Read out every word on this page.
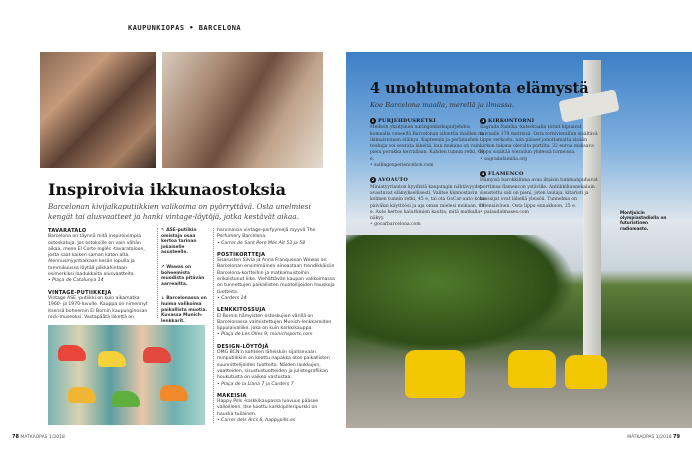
KAUPUNKIOPAS • BARCELONA
Inspiroivia ikkunaostoksia

Barcelonan kivijalkaputiikkien valikoima on pyörryttävä. Osta unelmiesi kengät tai alusvaatteet ja hanki vintage-löytöjä, jotka kestävät aikaa.

TAVARATALO

Barcelona on täynnä mitä inspiroivimpia ostoskatuja. Jos ostoksille on vain vähän aikaa, mene El Corte Inglés -tavarataloon, josta saat kaiken saman katon alta. Alennusmyyntiaikaan kesän lopulla ja tammikuussa löytää pilkkahintaan esimerkiksi laadukkaita alusvaatteita.

• Plaça de Catalunya 14

VINTAGE-PUTIIKKEJA

Vintage ASE -putiikki on kuin aikamatka 1960- ja 1970-luvulle. Kauppa on nimennyt itsensä boheemin El Bornin kaupunginosan rock-museoksi. Vastapäätä liikettä on

↖ ASE-putiikin omistaja osaa kertoa tarinan jokaiselle asusteelle.

↗ Wawas on boheemista muodista pitävän aarreaitta.

↓ Barcelonassa on huima valikoima paikallista muotia. Kuvassa Munich-lenkkarit.

harvinaisia vintage-parfyymejä myyvä The Perfumery Barcelona.

• Carrer de Sant Pere Més Alt 53 ja 58

POSTIKORTTEJA

Sisarusten Silvia ja Anna Franquesan Wawas on Barcelonan ensimmäinen ainoastaan trendikkäisiin Barcelona-kortteihin ja matkamuistoihin erikoistunut liike. Viehättävän kaupan valikoimassa on tunnettujen paikallisten muotoilijoiden hauskoja tuotteita.

• Carders 14

LENKKITOSSUJA

El Bornin hämyisten ostoskujien värillä on Barcelonassa valmistettujen Munich-lenkkareiden lippulaivaliike, joka on kuin karkkikauppa.

• Plaça de Les Olles 9, munichsports.com

DESIGN-LÖYTÖJÄ

OMG BCN:n kahteen läheiskiin sijaitsevaan minputiikkiin on koottu napakka otos paikallisten suunnittelijoiden tuotteita. Näiden laukkujen, vaatteiden, sisustustuotteiden ja julistegrafiikan houkutusta on vaikea vastustaa.

• Plaça de la Llana 7 ja Carders 7

MAKEISIA

Happy Pills -karkkikaupassa luovuus pääsee valloilleen. Itse koottu karkkipilleripurkki on hauska tuliainen.

• Carrer dels Arcs 6, happypills.es

4 unohtumatonta elämystä

Koe Barcelona maalla, merellä ja ilmassa.

1 PURJEHDUSRETKI

Melkein yksityinen auringonlaskupurjehdus komealla veneellä Barcelonan siluettia ihaillen on ikimuistoinen elämys. Kapteenin ja perämiehen touhuja voi seurata läheltä, kun mukana on vain pieni porukka kerrallaan. Kahden tunnin retki, 69 e.

• sailingexperiencebcn.com

2 AVOAUTO

Miniatyyriauton kyydistä kaupungin nähtävyydet avautuvat elämyksellisesti. Valitse kiinnostavin kolmen tunnin retki, 45 e, tai ota GoCar-auto koko päiväksi käyttöösi ja aja oman mielesi mukaan, 69 e. Auto kertoo kaiuttimien kautta, mitä matkalla näkyy.

• gocarbarcelona.com

3 KIRKONTORNI

Sagrada Família -katedraalin tornit kipuavat taivaalle 170 metrissä. Osta tornivierailun sisältävä lippu verkosta, niin pääset jonottamatta sisään kirkon takana olevalta portilta. 32 euroa maksava lippu sisältää vierailun yhdessä torneissa.

• sagradafamilia.org

4 FLAMENCO

Hämyisä barokkilinna avaa iltaisin tummanpuhuvat porttinsa flamencon ystäville. Antiikkihuonekaluin sisustettu sali on pieni, joten laulaja, kitaristi ja tanssijat ovat lähellä yleisöä. Tunnelma on intensiivinen. Osta lippu ennakkoon, 25 e.

• palaudalmases.com	Montjuïcin olympiastadiolla on futuristinen radiomasto.

78 MATKAOPAS 1/2018	MATKAOPAS 1/2018 79
